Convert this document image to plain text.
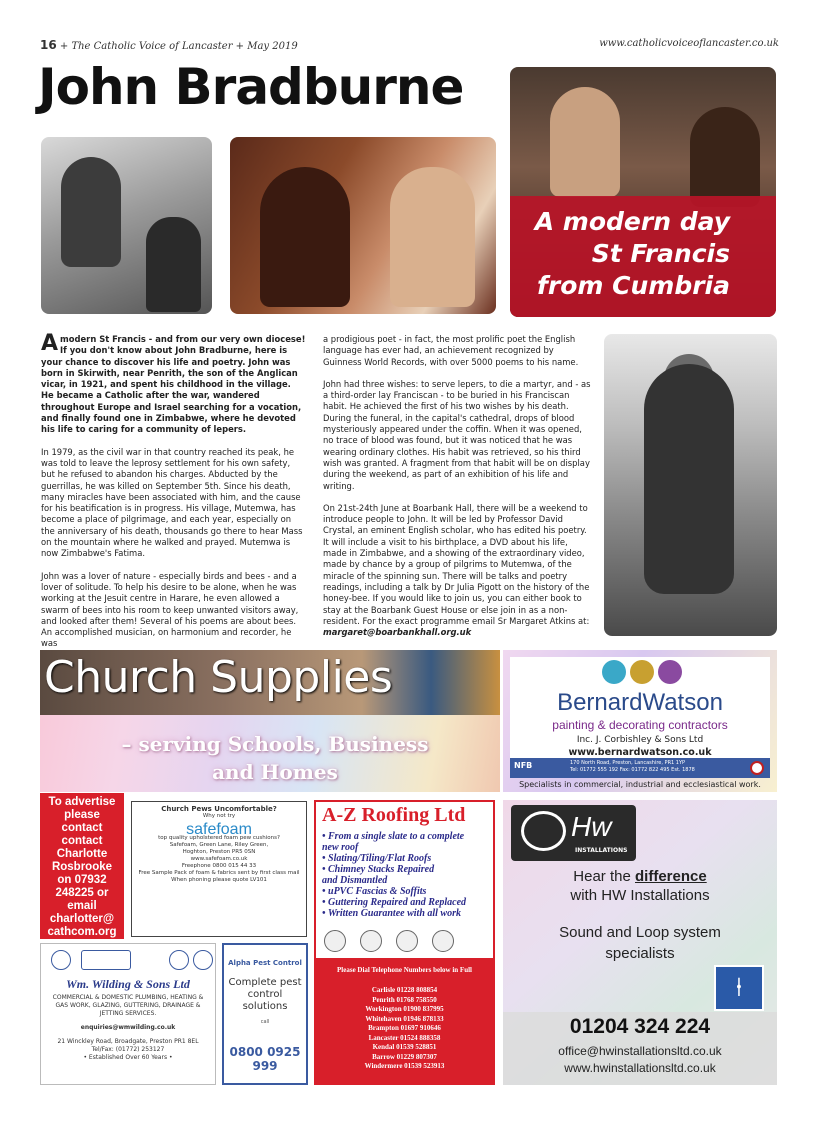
16 + The Catholic Voice of Lancaster + May 2019	www.catholicvoiceoflancaster.co.uk
John Bradburne
A modern day
St Francis
from Cumbria

A modern St Francis - and from our very own diocese! If you don't know about John Bradburne, here is your chance to discover his life and poetry. John was born in Skirwith, near Penrith, the son of the Anglican vicar, in 1921, and spent his childhood in the village. He became a Catholic after the war, wandered throughout Europe and Israel searching for a vocation, and finally found one in Zimbabwe, where he devoted his life to caring for a community of lepers.

In 1979, as the civil war in that country reached its peak, he was told to leave the leprosy settlement for his own safety, but he refused to abandon his charges. Abducted by the guerrillas, he was killed on September 5th. Since his death, many miracles have been associated with him, and the cause for his beatification is in progress. His village, Mutemwa, has become a place of pilgrimage, and each year, especially on the anniversary of his death, thousands go there to hear Mass on the mountain where he walked and prayed. Mutemwa is now Zimbabwe's Fatima.

John was a lover of nature - especially birds and bees - and a lover of solitude. To help his desire to be alone, when he was working at the Jesuit centre in Harare, he even allowed a swarm of bees into his room to keep unwanted visitors away, and looked after them! Several of his poems are about bees. An accomplished musician, on harmonium and recorder, he was

a prodigious poet - in fact, the most prolific poet the English language has ever had, an achievement recognized by Guinness World Records, with over 5000 poems to his name.

John had three wishes: to serve lepers, to die a martyr, and - as a third-order lay Franciscan - to be buried in his Franciscan habit. He achieved the first of his two wishes by his death. During the funeral, in the capital's cathedral, drops of blood mysteriously appeared under the coffin. When it was opened, no trace of blood was found, but it was noticed that he was wearing ordinary clothes. His habit was retrieved, so his third wish was granted. A fragment from that habit will be on display during the weekend, as part of an exhibition of his life and writing.

On 21st-24th June at Boarbank Hall, there will be a weekend to introduce people to John. It will be led by Professor David Crystal, an eminent English scholar, who has edited his poetry. It will include a visit to his birthplace, a DVD about his life, made in Zimbabwe, and a showing of the extraordinary video, made by chance by a group of pilgrims to Mutemwa, of the miracle of the spinning sun. There will be talks and poetry readings, including a talk by Dr Julia Pigott on the history of the honey-bee. If you would like to join us, you can either book to stay at the Boarbank Guest House or else join in as a non-resident. For the exact programme email Sr Margaret Atkins at:
margaret@boarbankhall.org.uk

Church Supplies
– serving Schools, Business
and Homes
BernardWatson
painting & decorating contractors
Inc. J. Corbishley & Sons Ltd
www.bernardwatson.co.uk
NFB	170 North Road, Preston, Lancashire, PR1 1YP
Tel: 01772 555 192 Fax: 01772 822 495 Est. 1878
Specialists in commercial, industrial and ecclesiastical work.
To advertise
please
contact
contact
Charlotte
Rosbrooke
on 07932
248225 or
email
charlotter@
cathcom.org
Church Pews Uncomfortable?
Why not try
safefoam
top quality upholstered foam pew cushions?
Safefoam, Green Lane, Riley Green,
Hoghton, Preston PR5 0SN
www.safefoam.co.uk
Freephone 0800 015 44 33
Free Sample Pack of foam & fabrics sent by first class mail
When phoning please quote LV101
A-Z Roofing Ltd
• From a single slate to a complete
new roof
• Slating/Tiling/Flat Roofs
• Chimney Stacks Repaired
and Dismantled
• uPVC Fascias & Soffits
• Guttering Repaired and Replaced
• Written Guarantee with all work
Please Dial Telephone Numbers below in Full
Carlisle 01228 808854
Penrith 01768 758550
Workington 01900 837995
Whitehaven 01946 878133
Brampton 01697 910646
Lancaster 01524 888358
Kendal 01539 528851
Barrow 01229 807307
Windermere 01539 523913
Wm. Wilding & Sons Ltd
COMMERCIAL & DOMESTIC PLUMBING, HEATING & GAS WORK, GLAZING, GUTTERING, DRAINAGE & JETTING SERVICES.
enquiries@wmwilding.co.uk
21 Winckley Road, Broadgate, Preston PR1 8EL
Tel/Fax: (01772) 253127
• Established Over 60 Years •
Alpha Pest Control
Complete pest control solutions
call
0800 0925 999
Hw
INSTALLATIONS
Hear the difference
with HW Installations
Sound and Loop system
specialists
⍿
01204 324 224
office@hwinstallationsltd.co.uk
www.hwinstallationsltd.co.uk
